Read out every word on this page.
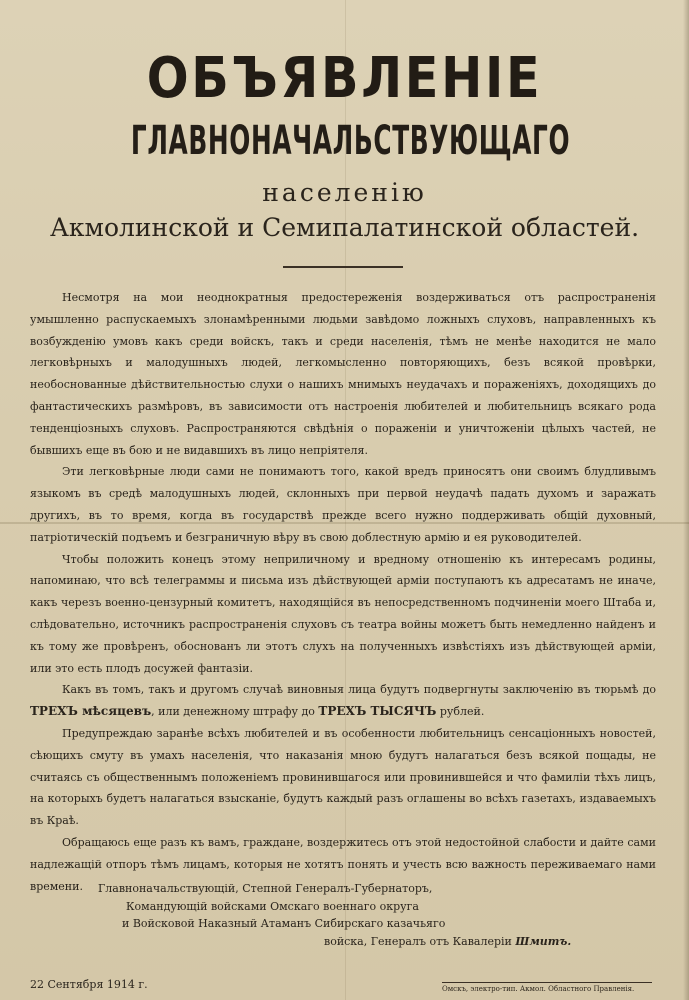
ОБЪЯВЛЕНІЕ
ГЛАВНОНАЧАЛЬСТВУЮЩАГО
населенію
Акмолинской и Семипалатинской областей.

Несмотря на мои неоднократныя предостереженія воздерживаться отъ распространенія умышленно распускаемыхъ злонамѣренными людьми завѣдомо ложныхъ слуховъ, направленныхъ къ возбужденію умовъ какъ среди войскъ, такъ и среди населенія, тѣмъ не менѣе находится не мало легковѣрныхъ и малодушныхъ людей, легкомысленно повторяющихъ, безъ всякой провѣрки, необоснованные дѣйствительностью слухи о нашихъ мнимыхъ неудачахъ и пораженіяхъ, доходящихъ до фантастическихъ размѣровъ, въ зависимости отъ настроенія любителей и любительницъ всякаго рода тенденціозныхъ слуховъ. Распространяются свѣдѣнія о пораженіи и уничтоженіи цѣлыхъ частей, не бывшихъ еще въ бою и не видавшихъ въ лицо непріятеля.

Эти легковѣрные люди сами не понимаютъ того, какой вредъ приносятъ они своимъ блудливымъ языкомъ въ средѣ малодушныхъ людей, склонныхъ при первой неудачѣ падать духомъ и заражать другихъ, въ то время, когда въ государствѣ прежде всего нужно поддерживать общій духовный, патріотическій подъемъ и безграничную вѣру въ свою доблестную армію и ея руководителей.

Чтобы положить конецъ этому неприличному и вредному отношенію къ интересамъ родины, напоминаю, что всѣ телеграммы и письма изъ дѣйствующей арміи поступаютъ къ адресатамъ не иначе, какъ черезъ военно-цензурный комитетъ, находящійся въ непосредственномъ подчиненіи моего Штаба и, слѣдовательно, источникъ распространенія слуховъ съ театра войны можетъ быть немедленно найденъ и къ тому же провѣренъ, обоснованъ ли этотъ слухъ на полученныхъ извѣстіяхъ изъ дѣйствующей арміи, или это есть плодъ досужей фантазіи.

Какъ въ томъ, такъ и другомъ случаѣ виновныя лица будутъ подвергнуты заключенію въ тюрьмѣ до ТРЕХЪ мѣсяцевъ, или денежному штрафу до ТРЕХЪ ТЫСЯЧЪ рублей.

Предупреждаю заранѣе всѣхъ любителей и въ особенности любительницъ сенсаціонныхъ новостей, сѣющихъ смуту въ умахъ населенія, что наказанія мною будутъ налагаться безъ всякой пощады, не считаясь съ общественнымъ положеніемъ провинившагося или провинившейся и что фамиліи тѣхъ лицъ, на которыхъ будетъ налагаться взысканіе, будутъ каждый разъ оглашены во всѣхъ газетахъ, издаваемыхъ въ Краѣ.

Обращаюсь еще разъ къ вамъ, граждане, воздержитесь отъ этой недостойной слабости и дайте сами надлежащій отпоръ тѣмъ лицамъ, которыя не хотятъ понять и учесть всю важность переживаемаго нами времени.	Главноначальствующій, Степной Генералъ-Губернаторъ,
Командующій войсками Омскаго военнаго округа
и Войсковой Наказный Атаманъ Сибирскаго казачьяго
войска, Генералъ отъ Кавалеріи Шмитъ.
22 Сентября 1914 г.	Омскъ, электро-тип. Акмол. Областного Правленія.
